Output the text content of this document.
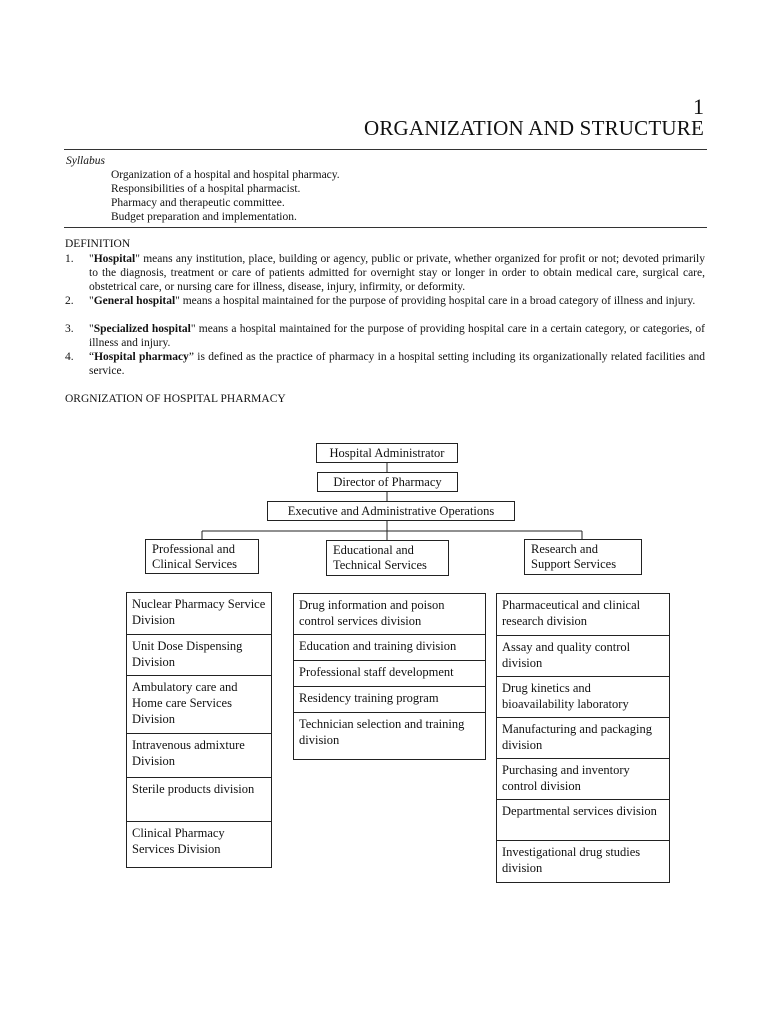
1
ORGANIZATION AND STRUCTURE
Syllabus
Organization of a hospital and hospital pharmacy.
Responsibilities of a hospital pharmacist.
Pharmacy and therapeutic committee.
Budget preparation and implementation.
DEFINITION
1. "Hospital" means any institution, place, building or agency, public or private, whether organized for profit or not; devoted primarily to the diagnosis, treatment or care of patients admitted for overnight stay or longer in order to obtain medical care, surgical care, obstetrical care, or nursing care for illness, disease, injury, infirmity, or deformity.
2. "General hospital" means a hospital maintained for the purpose of providing hospital care in a broad category of illness and injury.
3. "Specialized hospital" means a hospital maintained for the purpose of providing hospital care in a certain category, or categories, of illness and injury.
4. “Hospital pharmacy” is defined as the practice of pharmacy in a hospital setting including its organizationally related facilities and service.
ORGNIZATION OF HOSPITAL PHARMACY
Hospital Administrator
Director of Pharmacy
Executive and Administrative Operations
Professional and Clinical Services
Educational and Technical Services
Research and Support Services
Nuclear Pharmacy Service Division
Unit Dose Dispensing Division
Ambulatory care and Home care Services Division
Intravenous admixture Division
Sterile products division
Clinical Pharmacy Services Division
Drug information and poison control services division
Education and training division
Professional staff development
Residency training program
Technician selection and training division
Pharmaceutical and clinical research division
Assay and quality control division
Drug kinetics and bioavailability laboratory
Manufacturing and packaging division
Purchasing and inventory control division
Departmental services division
Investigational drug studies division
